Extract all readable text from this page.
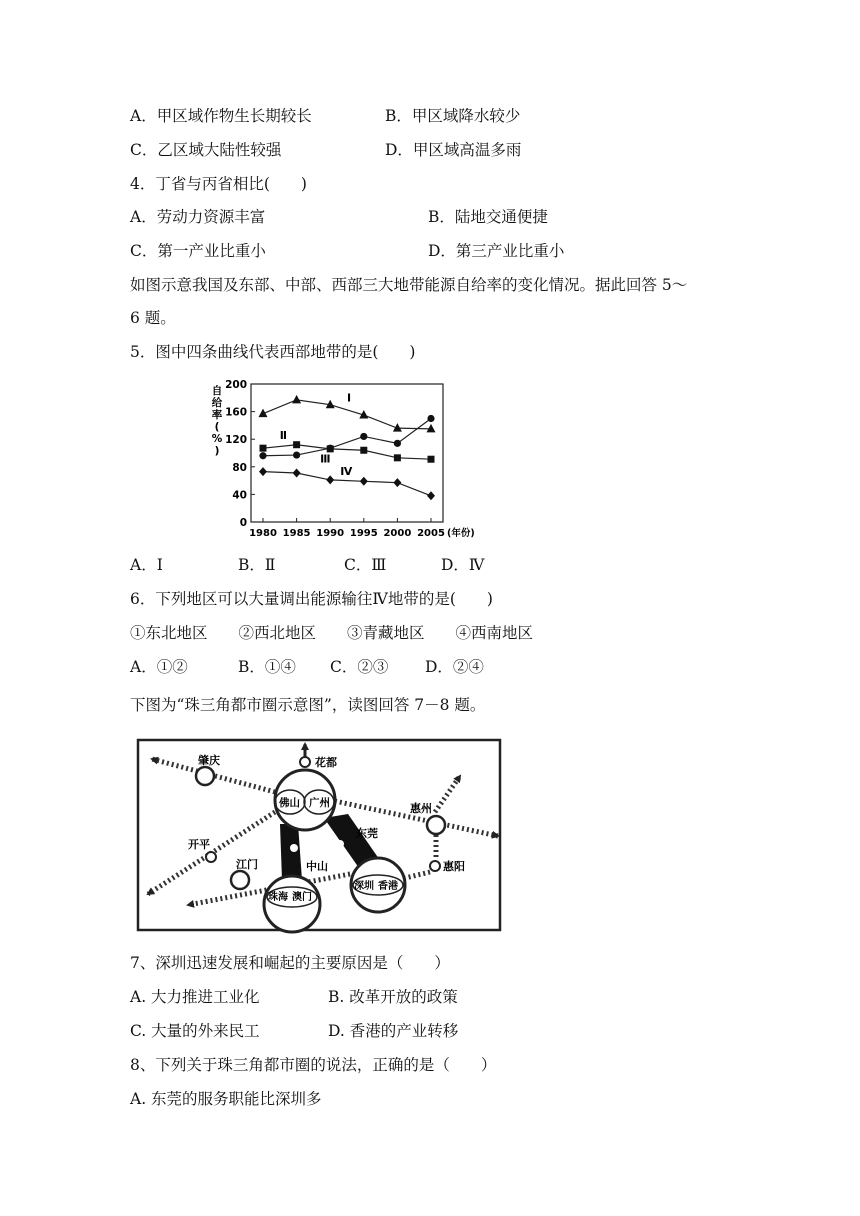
A．甲区域作物生长期较长	B．甲区域降水较少
C．乙区域大陆性较强	D．甲区域高温多雨
4．丁省与丙省相比(　　)
A．劳动力资源丰富	B．陆地交通便捷
C．第一产业比重小	D．第三产业比重小
如图示意我国及东部、中部、西部三大地带能源自给率的变化情况。据此回答 5～
6 题。
5．图中四条曲线代表西部地带的是(　　)
0
40
80
120
160
200
1980 1985 1990 1995 2000 2005 (年份)
自
给
率
(
%
)
Ⅰ
Ⅱ
Ⅲ
Ⅳ
A．Ⅰ	B．Ⅱ	C．Ⅲ	D．Ⅳ
6．下列地区可以大量调出能源输往Ⅳ地带的是(　　)
①东北地区　　②西北地区　　③青藏地区　　④西南地区
A．①②	B．①④ C．②③ D．②④
下图为“珠三角都市圈示意图”，读图回答 7－8 题。
肇庆	花都
佛山 广州	惠州
开平
江门	中山
东莞
惠阳
珠海 澳门
深圳 香港
7、深圳迅速发展和崛起的主要原因是（　　）
A. 大力推进工业化	B. 改革开放的政策
C. 大量的外来民工	D. 香港的产业转移
8、下列关于珠三角都市圈的说法，正确的是（　　）
A. 东莞的服务职能比深圳多
